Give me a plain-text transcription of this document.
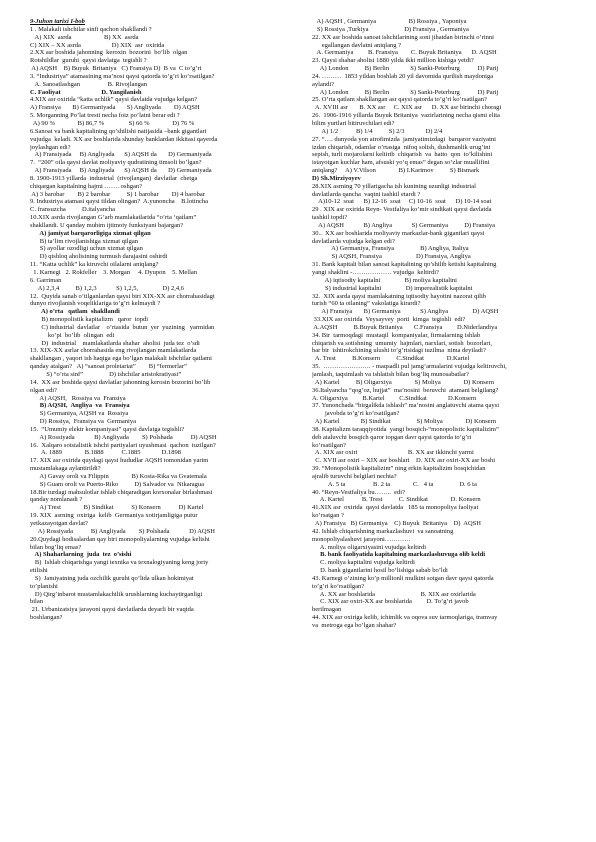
9-Juhon tarixi I-bob
1 . Malakali ishchilar sinfi qachon shakllandi ?
A) XIX  asrda                    B) XX  asrda
C) XIX – XX asrda                   D) XIX  asr  oxirida
2.XX asr boshida jahonning  keroxin  bozorini  bo’lib  olgan
Rotshildlar  guruhi  qaysi davlatga  tegishli ?
A) AQSH    B) Buyuk  Britaniya   C) Fransiya D)  B va  C to’g’ri
3. “Industriya” atamasining ma’nosi qaysi qatorda to’g’ri ko’rsatilgan?
A. Sanoatlashgan                 B. Rivojlangan
C. Faoliyat                         D. Yangilanish
4.XIX asr oxirida “katta uchlik” qaysi davlatda vujudga kelgan?
A) Fransiya       B) Germaniyada       S) Angliyada        D) AQSH
5. Morganning Po’lat tresti necha foiz po’latni berar edi ?
A) 90 %              B) 86,7 %               S) 66 %              D) 76 %
6.Sanoat va bank kapitalining qo’shilishi natijasida –bank gigantlari
vujudga  keladi. XX asr boshlarida shunday banklardan ikkitasi qayerda
joylashgan edi?
A) Fransiyada     B) Angliyada      S) AQSH da       D) Germaniyada
7.  “200” oila qaysi davlat moliyaviy qudratining timsoli bo’lgan?
A) Fransiyada     B) Angliyada      S) AQSH da       D) Germaniyada
8. 1900-1913 yillarda  industrial  (rivojlangan)  davlatlar  chetga
chiqargan kapitalning hajmi ……. oshgan?
A) 3 barobar        B) 2 barobar          S) 1 barobar        D) 4 barobar
9. Industriya atamasi qaysi tildan olingan?  A.yunoncha    B.lotincha
C. fransuzcha          D.italyancha
10.XIX asrda rivojlangan G’arb mamlakatlarida “o’rta ‘qatlam”
shakllandi. U qanday muhim ijtimoiy funksiyani bajargan?
A) jamiyat barqarorligiga xizmat qilgan
B) ta’lim rivojlanishiga xizmat qilgan
S) ayollar ozodligi uchun xizmat qilgan
D) qishloq aholisining turmush darajasini oshirdi
11. “Katta uchlik” ka kiruvchi oilalarni aniqlang?
1. Karnegi   2. Rokfeller    3. Morgan     4. Dyupon    5. Mellan
6. Garriman
A) 2,3,4          B) 1,2,3            S) 1,2,5,               D) 2,4,6
12.  Quyida sanab o’tilganlardan qaysi biri XIX-XX asr chorrahasidagi
dunyo rivojlanish voqeliklariga to’g’ri kelmaydi ?
A) o’rta   qatlam  shakllandi
B) monopolistik kapitalizm   qaror  topdi
C) industrial  davlatlar    o’rtasida  butun  yer  yuzining   yarmidan
ko’pi  bo’lib  olingan  edi
D)  industrial    mamlakatlarda shahar  aholisi  juda tez  o’sdi
13. XIX-XX asrlar chorrahasida eng rivojlangan mamlakatlarda
shakllangan , yaqori ish haqiga ega bo’lgan malakali ishchilar qatlami
qanday atalgan?   A) “sanoat proletariat”        B) “fermerlar”
S) “o’rta sinf”                D) ishchilar aristokratiyasi”
14.  XX asr boshida qaysi davlatlar jahonning kerosin bozorini bo’lib
olgan edi?
A) AQSH,   Rossiya va  Fransiya
B) AQSH,  Angliya  va  Fransiya
S) Germaniya, AQSH va  Rossiya
D) Rossiya,  Fransiya va  Germaniya
15.  “Umumiy elektr kompaniyasi” qaysi davlatga tegishli?
A) Rossiyada            B) Angliyada        S) Polshada           D) AQSH
16.  Xalqaro sotsialistik ishchi partiyalari uyushmasi  qachon  tuzilgan?
A. 1889              B.1888           C.1885             D.1898
17. XIX asr oxirida quydagi qaysi hududlar AQSH tomonidan yarim
mustamlakaga aylantirildi?
A) Gavay oroli va Filippin              B) Kosta-Rika va Gvatemala
S) Guam oroli va Puerto-Riko          D) Salvador va  Nikaragua
18.Bir turdagi mahsulotlar ishlab chiqaradigan korxonalar birlashmasi
qanday nomlanadi ?
A) Trest              B) Sindikat           S) Konsern           D) Kartel
19. XIX  asrning  oxiriga  kelib  Germaniya xotirjamligiga putur
yetkazayotgan davlat?
A) Rossiyada           B) Angliyada        S) Polshada            D) AQSH
20.Quydagi hodisalardan qay biri monopoliyalarning vujudga kelishi
bilan bog’liq emas?
A) Shaharlarning  juda  tez  o’sishi
B)  Ishlab chiqarishga yangi texnika va texnalogiyaning keng joriy
etilishi
S)  Jamiyatning juda ozchilik guruhi qo’lida ulkan hokimiyat
to’planishi
D) Qirg’inbarot mustamlakachilik urushlarning kuchaytirganligi
bilan
21. Urbanizatsiya jarayoni qaysi davlatlarda deyarli bir vaqtda
boshlangan?
A) AQSH , Germaniya                    B) Rossiya , Yaponiya
S) Rossiya ,Turkiya                      D) Fransiya , Germaniya
22. XX asr boshida sanoat ishchilarining soni jihatdan birinchi o’rinni
egallangan davlatni aniqlang ?
A. Germaniya         B. Fransiya        C. Buyuk Britaniya      D. AQSH
23. Qaysi shahar aholisi 1880 yilda ikki million kishiga yetdi?
A) London          B) Berlin             S) Sankt-Peterburg           D) Parij
24. ………  1853 yildan boshlab 20 yil davomida qurilish maydoniga
aylandi?
A) London          B) Berlin             S) Sankt-Peterburg           D) Parij
25. O’rta qatlam shakllangan asr qaysi qatorda to’g’ri ko’rsatilgan?
A. XVIII asr       B. XX asr     C. XIX asr      D. XX asr birinchi choragi
26.  1906-1916 yillarda Buyuk Britaniya  vazirlarining necha qismi elita
bilim yurtlari bitiruvchilari edi?
A) 1/2           B) 1/4          S) 2/3             D) 2/4
27. “…. dunyoda yon atrofimizda  jamiyatimizdagi  barqaror vaziyatni
izdan chiqarish, odamlar o’rtasiga  nifoq solish, dushmanlik urug’ini
sepish, turli mojarolarni keltirib  chiqarish  va  hatto  qon  to’kilishini
istayotgan kuchlar ham, afsuski yo’q emas” degan so’zlar muallifini
aniqlang?     A) V.Vilson              B) I.Karimov          S) Bismark
D) Sh.Mirziyoyev
28.XIX asrning 70 yillarigacha ish kunining uzunligi industrial
davlatlarda qancha  vaqtni tashkil etardi ?
A)10-12  soat      B) 12-16  soat     C) 10-16  soat      D) 10-14 soat
29 . XIX asr oxirida Reyn- Vestfaliya ko’mir sindikati qaysi davlatda
tashkil topdi?
A) AQSH            B) Angliya            S) Germaniya          D) Fransiya
30..  XX asr boshlarida moliyaviy markazlar-bank gigantlari qaysi
davlatlarda vujudga kelgan edi?
A) Germaniya, Fransiya                B) Angliya, Italiya
S) AQSH, Fransiya                     D) Fransiya, Angliya
31. Bank kapitali bilan sanoat kapitalining qo’shilib ketishi kapitalning
yangi shaklini -……………… vujudga  keltirdi?
A) iqtisodiy kapitalni               B) moliya kapitalini
S) industrial kapitalni               D) imperealistik kapitalni
32.  XIX asrda qaysi mamlakatning iqtisodiy hayotini nazorat qilib
turish “60 ta oilaning” vakolatiga kirardi?
A) Fransiya       B) Germaniya            S) Angliya               D) AQSH
33.XIX asr oxirida  Veysayvey  porti  kimga  tegishli  edi?
A.AQSH          B.Buyuk Britaniya       C.Fransiya         D.Niderlandiya
34. Bir  tarmoqdagi  mustaqil  kompaniyalar, firmalarning ishlab
chiqarish va sotishning  umumiy  hajmlari, narxlari, sotish  bozorlari,
bar bir  ishtirokchining ulushi to’g’risidagi tuzilma  nima deyiladi?
A. Trest          B.Konsern          C.Sindikat              D.Kartel
35.  …………………. - maqsadli pul jamg’armalarini vujudga keltiruvchi,
jamlash, taqsimlash va ishlatish bilan bog’liq munosabatlar?
A) Kartel          B) Oligarxiya              S) Moliya              D) Konsern
36.Italyancha “qog’oz, hujjat”  ma’nosini  beruvchi  atamani belgilang?
A. Oligarxiya         B.Kartel         C.Sindikat             D.Konsern
37. Yunonchada “birgalikda ishlash” ma’nosini anglatuvchi atama qaysi
javobda to’g’ri ko’rsatilgan?
A) Kartel             B) Sindikat                S) Moliya              D) Konsern
38. Kapitalizm taraqqiyotida  yangi bosqich-“monopolistic kapitalizim”
deb ataluvchi bosqich qaror topgan davr qaysi qatorda to’g’ri
ko’rsatilgan?
A. XIX asr oxiri                               B. XX asr ikkinchi yarmi
C. XVII asr oxiri – XIX asr boshlari    D. XIX asr oxiri-XX asr boshi
39. “Monopolistik kapitalizim” ning erkin kapitalizim bosqichidan
ajralib turuvchi belgilari nechta?
A. 5 ta                 B. 2 ta              C.   4 ta                D. 6 ta
40. “Reyn-Vestfaliya bu……..  edi?
A. Kartel           B. Trest          C. Sindikat              D. Konsern
41.XIX asr  oxirida  qaysi davlatda   185 ta monopoliya faoliyat
ko’rsatgan ?
A) Fransiya   B) Germaniya    C) Buyuk  Britaniya    D)  AQSH
42. Ishlab chiqarishning markazlashuvi  va sanoatning
monopoliyalashuvi jarayoni…………
A. moliya oligarxiyasini vujudga keltirdi
B. bank faoliyatida kapitalning markazlashuvuga olib keldi
C. moliya kapitalini vujudga keltirdi
D. bank gigantlarini hosil bo’lishiga sabab bo’ldi
43. Karnegi o’zining ko’p millionli mulkini sotgan davr qaysi qatorda
to’g’ri ko’rsatilgan?
A. XX asr boshlarida                            B. XIX asr oxirlarida
C. XIX asr oxiri-XX asr boshlarida         D. To’g’ri javob
berilmagan
44. XIX asr oxiriga kelib, ichimlik va oqova suv tarmoqlariga, tramvay
va  metroga ega bo’lgan shahar?
